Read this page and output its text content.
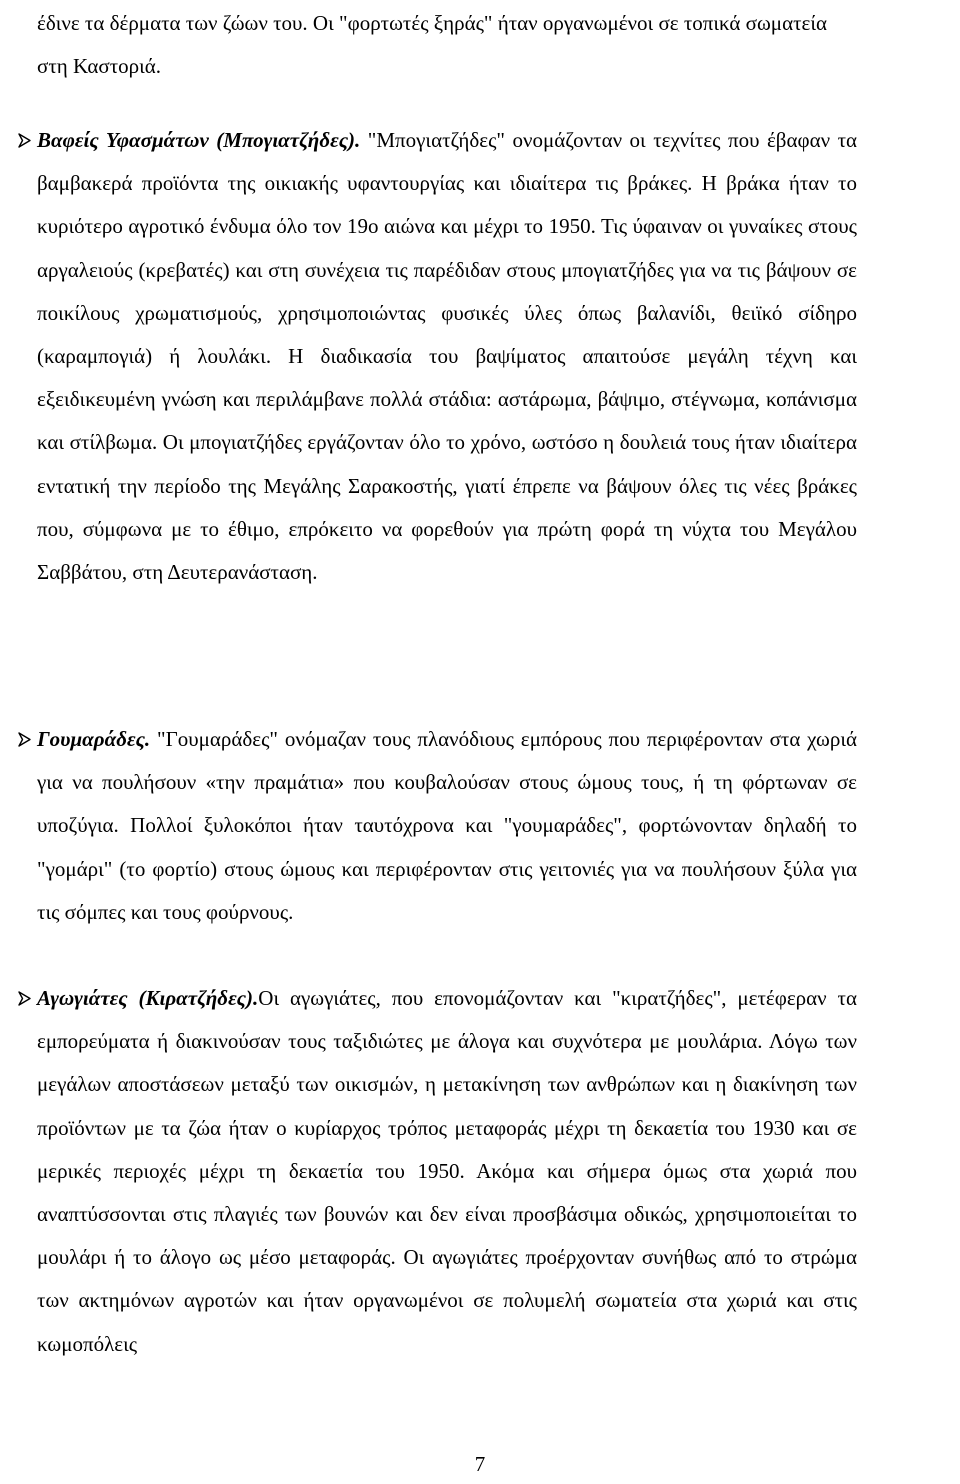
έδινε τα δέρματα των ζώων του. Οι "φορτωτές ξηράς" ήταν οργανωμένοι σε τοπικά σωματεία στη Καστοριά.

Βαφείς Υφασμάτων (Μπογιατζήδες). "Μπογιατζήδες" ονομάζονταν οι τεχνίτες που έβαφαν τα βαμβακερά προϊόντα της οικιακής υφαντουργίας και ιδιαίτερα τις βράκες. Η βράκα ήταν το κυριότερο αγροτικό ένδυμα όλο τον 19ο αιώνα και μέχρι το 1950. Τις ύφαιναν οι γυναίκες στους αργαλειούς (κρεβατές) και στη συνέχεια τις παρέδιδαν στους μπογιατζήδες για να τις βάψουν σε ποικίλους χρωματισμούς, χρησιμοποιώντας φυσικές ύλες όπως βαλανίδι, θειϊκό σίδηρο (καραμπογιά) ή λουλάκι. Η διαδικασία του βαψίματος απαιτούσε μεγάλη τέχνη και εξειδικευμένη γνώση και περιλάμβανε πολλά στάδια: αστάρωμα, βάψιμο, στέγνωμα, κοπάνισμα και στίλβωμα. Οι μπογιατζήδες εργάζονταν όλο το χρόνο, ωστόσο η δουλειά τους ήταν ιδιαίτερα εντατική την περίοδο της Μεγάλης Σαρακοστής, γιατί έπρεπε να βάψουν όλες τις νέες βράκες που, σύμφωνα με το έθιμο, επρόκειτο να φορεθούν για πρώτη φορά τη νύχτα του Μεγάλου Σαββάτου, στη Δευτερανάσταση.

Γουμαράδες. "Γουμαράδες" ονόμαζαν τους πλανόδιους εμπόρους που περιφέρονταν στα χωριά για να πουλήσουν «την πραμάτια» που κουβαλούσαν στους ώμους τους, ή τη φόρτωναν σε υποζύγια. Πολλοί ξυλοκόποι ήταν ταυτόχρονα και "γουμαράδες", φορτώνονταν δηλαδή το "γομάρι" (το φορτίο) στους ώμους και περιφέρονταν στις γειτονιές για να πουλήσουν ξύλα για τις σόμπες και τους φούρνους.

Αγωγιάτες (Κιρατζήδες).Οι αγωγιάτες, που επονομάζονταν και "κιρατζήδες", μετέφεραν τα εμπορεύματα ή διακινούσαν τους ταξιδιώτες με άλογα και συχνότερα με μουλάρια. Λόγω των μεγάλων αποστάσεων μεταξύ των οικισμών, η μετακίνηση των ανθρώπων και η διακίνηση των προϊόντων με τα ζώα ήταν ο κυρίαρχος τρόπος μεταφοράς μέχρι τη δεκαετία του 1930 και σε μερικές περιοχές μέχρι τη δεκαετία του 1950. Ακόμα και σήμερα όμως στα χωριά που αναπτύσσονται στις πλαγιές των βουνών και δεν είναι προσβάσιμα οδικώς, χρησιμοποιείται το μουλάρι ή το άλογο ως μέσο μεταφοράς. Οι αγωγιάτες προέρχονταν συνήθως από το στρώμα των ακτημόνων αγροτών και ήταν οργανωμένοι σε πολυμελή σωματεία στα χωριά και στις κωμοπόλεις

7
